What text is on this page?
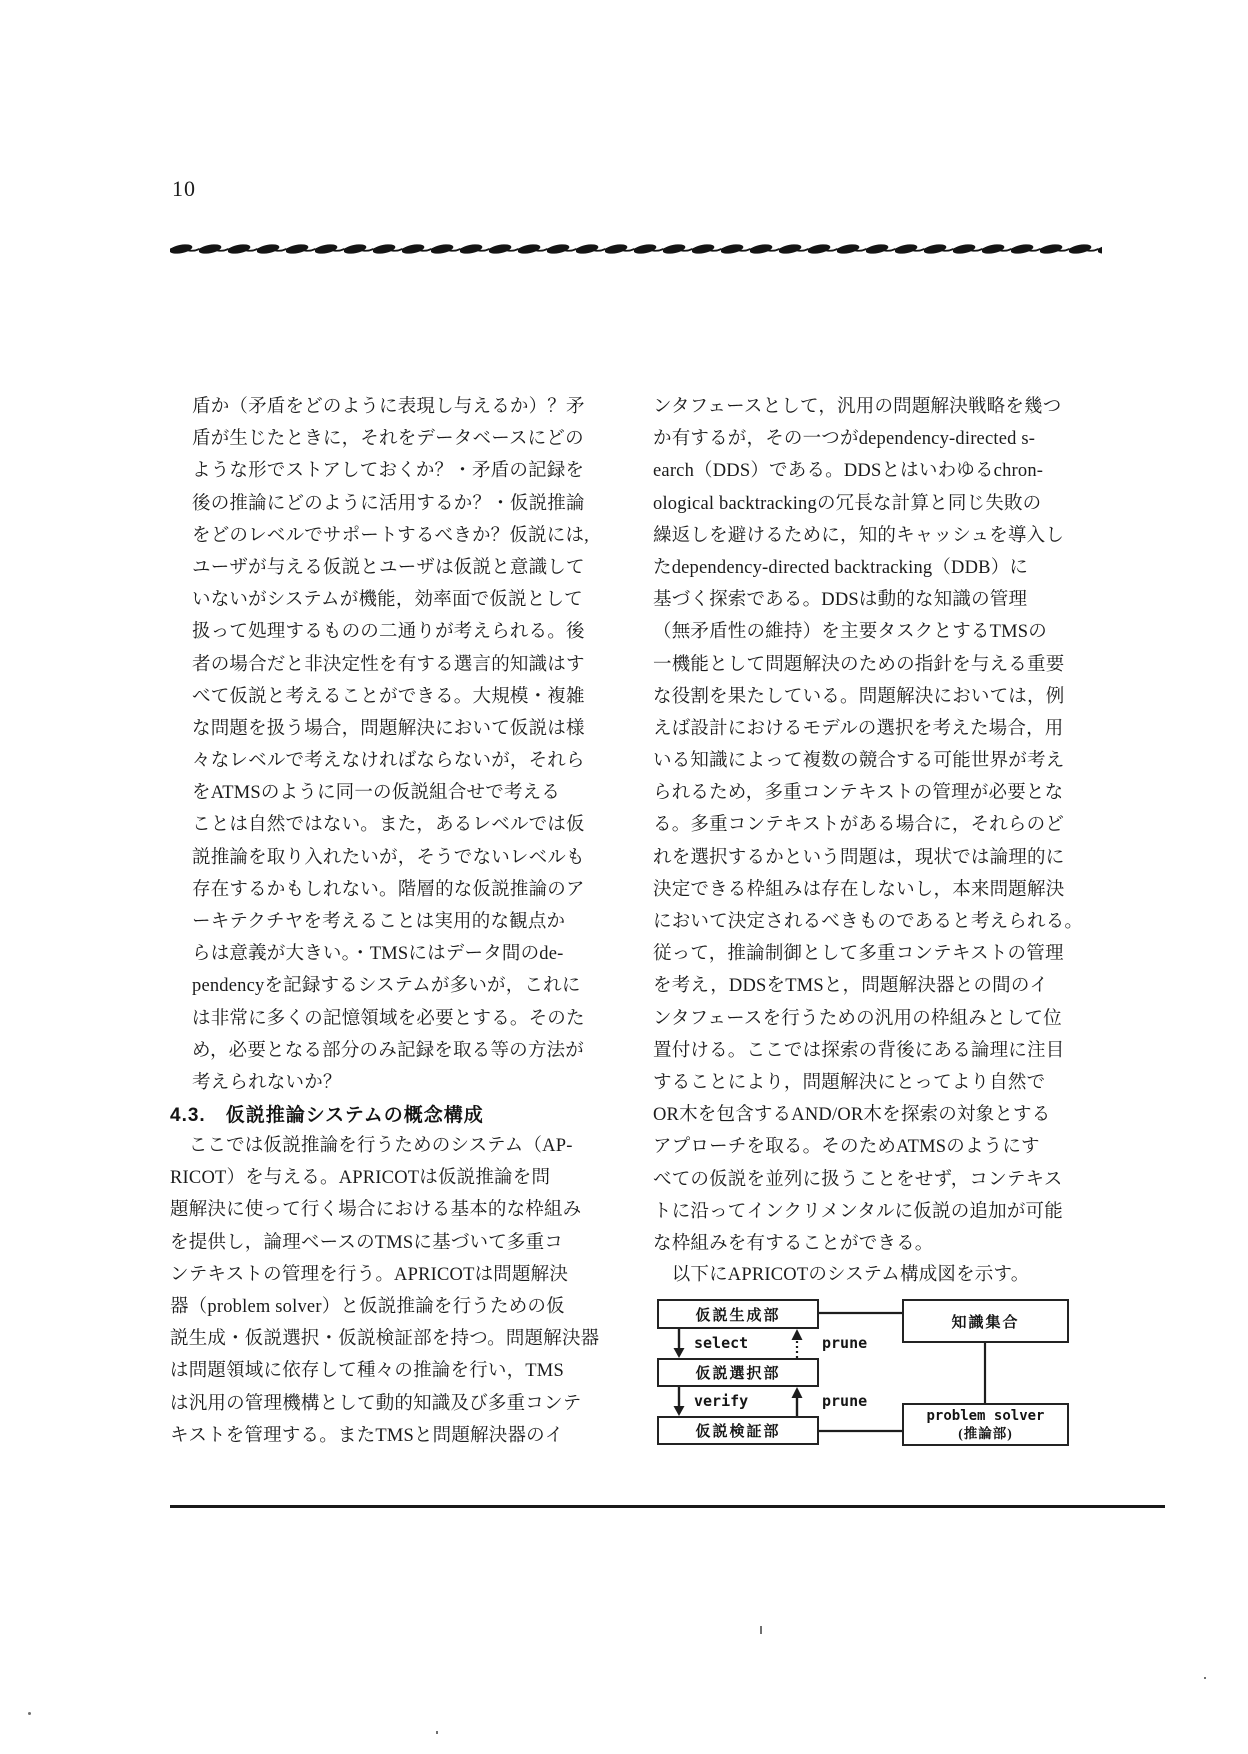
10
盾か（矛盾をどのように表現し与えるか）？矛
盾が生じたときに，それをデータベースにどの
ような形でストアしておくか？・矛盾の記録を
後の推論にどのように活用するか？・仮説推論
をどのレベルでサポートするべきか？仮説には,
ユーザが与える仮説とユーザは仮説と意識して
いないがシステムが機能，効率面で仮説として
扱って処理するものの二通りが考えられる。後
者の場合だと非決定性を有する選言的知識はす
べて仮説と考えることができる。大規模・複雑
な問題を扱う場合，問題解決において仮説は様
々なレベルで考えなければならないが，それら
をATMSのように同一の仮説組合せで考える
ことは自然ではない。また，あるレベルでは仮
説推論を取り入れたいが，そうでないレベルも
存在するかもしれない。階層的な仮説推論のア
ーキテクチヤを考えることは実用的な観点か
らは意義が大きい。・TMSにはデータ間のde-
pendencyを記録するシステムが多いが，これに
は非常に多くの記憶領域を必要とする。そのた
め，必要となる部分のみ記録を取る等の方法が
考えられないか？
4.3.　仮説推論システムの概念構成
　ここでは仮説推論を行うためのシステム（AP-
RICOT）を与える。APRICOTは仮説推論を問
題解決に使って行く場合における基本的な枠組み
を提供し，論理ベースのTMSに基づいて多重コ
ンテキストの管理を行う。APRICOTは問題解決
器（problem solver）と仮説推論を行うための仮
説生成・仮説選択・仮説検証部を持つ。問題解決器
は問題領域に依存して種々の推論を行い，TMS
は汎用の管理機構として動的知識及び多重コンテ
キストを管理する。またTMSと問題解決器のイ
ンタフェースとして，汎用の問題解決戦略を幾つ
か有するが，その一つがdependency-directed s-
earch（DDS）である。DDSとはいわゆるchron-
ological backtrackingの冗長な計算と同じ失敗の
繰返しを避けるために，知的キャッシュを導入し
たdependency-directed backtracking（DDB）に
基づく探索である。DDSは動的な知識の管理
（無矛盾性の維持）を主要タスクとするTMSの
一機能として問題解決のための指針を与える重要
な役割を果たしている。問題解決においては，例
えば設計におけるモデルの選択を考えた場合，用
いる知識によって複数の競合する可能世界が考え
られるため，多重コンテキストの管理が必要とな
る。多重コンテキストがある場合に，それらのど
れを選択するかという問題は，現状では論理的に
決定できる枠組みは存在しないし，本来問題解決
において決定されるべきものであると考えられる。
従って，推論制御として多重コンテキストの管理
を考え，DDSをTMSと，問題解決器との間のイ
ンタフェースを行うための汎用の枠組みとして位
置付ける。ここでは探索の背後にある論理に注目
することにより，問題解決にとってより自然で
OR木を包含するAND/OR木を探索の対象とする
アプローチを取る。そのためATMSのようにす
べての仮説を並列に扱うことをせず，コンテキス
トに沿ってインクリメンタルに仮説の追加が可能
な枠組みを有することができる。
　以下にAPRICOTのシステム構成図を示す。
仮説生成部
仮説選択部
仮説検証部
知識集合
problem solver
(推論部)
select	prune
verify	prune
